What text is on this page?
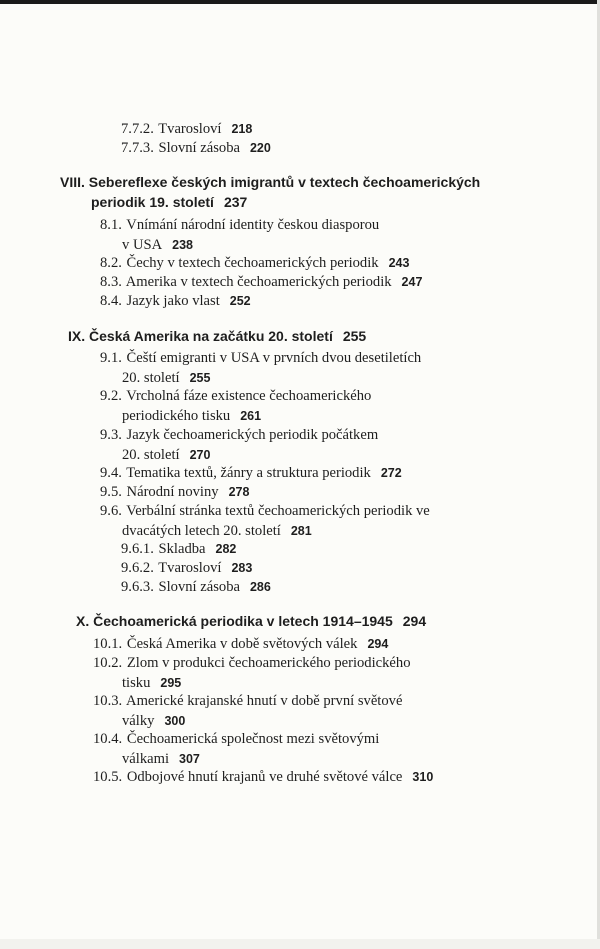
7.7.2. Tvarosloví 218
7.7.3. Slovní zásoba 220
VIII. Sebereflexe českých imigrantů v textech čechoamerických
periodik 19. století 237
8.1. Vnímání národní identity českou diasporou
v USA 238
8.2. Čechy v textech čechoamerických periodik 243
8.3. Amerika v textech čechoamerických periodik 247
8.4. Jazyk jako vlast 252
IX. Česká Amerika na začátku 20. století 255
9.1. Čeští emigranti v USA v prvních dvou desetiletích
20. století 255
9.2. Vrcholná fáze existence čechoamerického
periodického tisku 261
9.3. Jazyk čechoamerických periodik počátkem
20. století 270
9.4. Tematika textů, žánry a struktura periodik 272
9.5. Národní noviny 278
9.6. Verbální stránka textů čechoamerických periodik ve
dvacátých letech 20. století 281
9.6.1. Skladba 282
9.6.2. Tvarosloví 283
9.6.3. Slovní zásoba 286
X. Čechoamerická periodika v letech 1914–1945 294
10.1. Česká Amerika v době světových válek 294
10.2. Zlom v produkci čechoamerického periodického
tisku 295
10.3. Americké krajanské hnutí v době první světové
války 300
10.4. Čechoamerická společnost mezi světovými
válkami 307
10.5. Odbojové hnutí krajanů ve druhé světové válce 310
